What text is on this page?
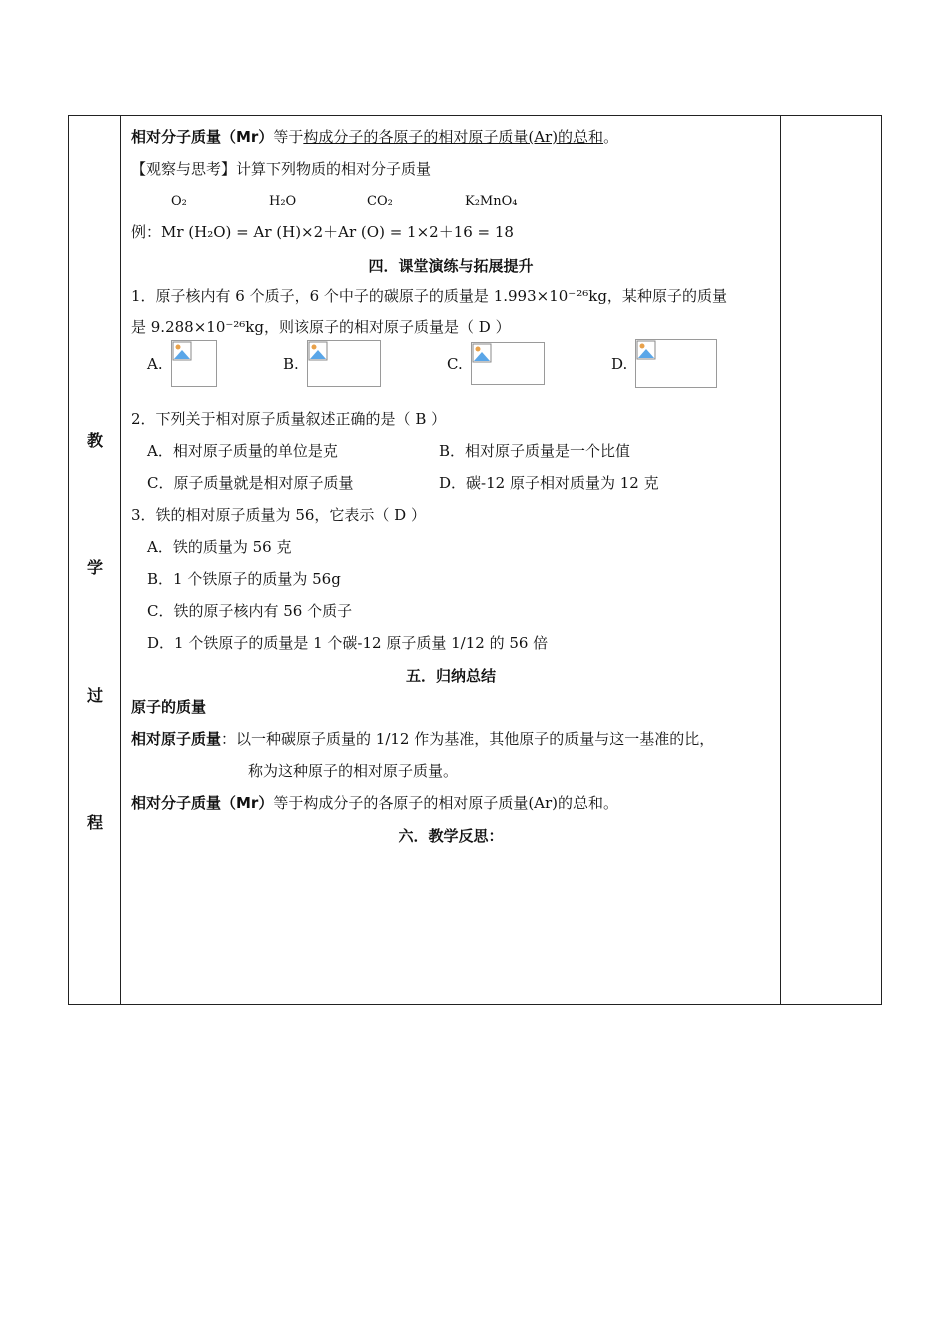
教
学
过
程
相对分子质量（Mr）等于构成分子的各原子的相对原子质量(Ar)的总和。
【观察与思考】计算下列物质的相对分子质量
O₂	H₂O	CO₂	K₂MnO₄
例：Mr (H₂O) = Ar (H)×2＋Ar (O) = 1×2＋16 = 18
四．课堂演练与拓展提升
1．原子核内有 6 个质子，6 个中子的碳原子的质量是 1.993×10⁻²⁶kg，某种原子的质量
是 9.288×10⁻²⁶kg，则该原子的相对原子质量是（ D ）
A.	B.	C.	D.
2．下列关于相对原子质量叙述正确的是（ B ）
A．相对原子质量的单位是克	B．相对原子质量是一个比值
C．原子质量就是相对原子质量	D．碳-12 原子相对质量为 12 克
3．铁的相对原子质量为 56，它表示（ D ）
A．铁的质量为 56 克
B．1 个铁原子的质量为 56g
C．铁的原子核内有 56 个质子
D．1 个铁原子的质量是 1 个碳-12 原子质量 1/12 的 56 倍
五．归纳总结
原子的质量
相对原子质量：以一种碳原子质量的 1/12 作为基准，其他原子的质量与这一基准的比，
称为这种原子的相对原子质量。
相对分子质量（Mr）等于构成分子的各原子的相对原子质量(Ar)的总和。
六．教学反思：
